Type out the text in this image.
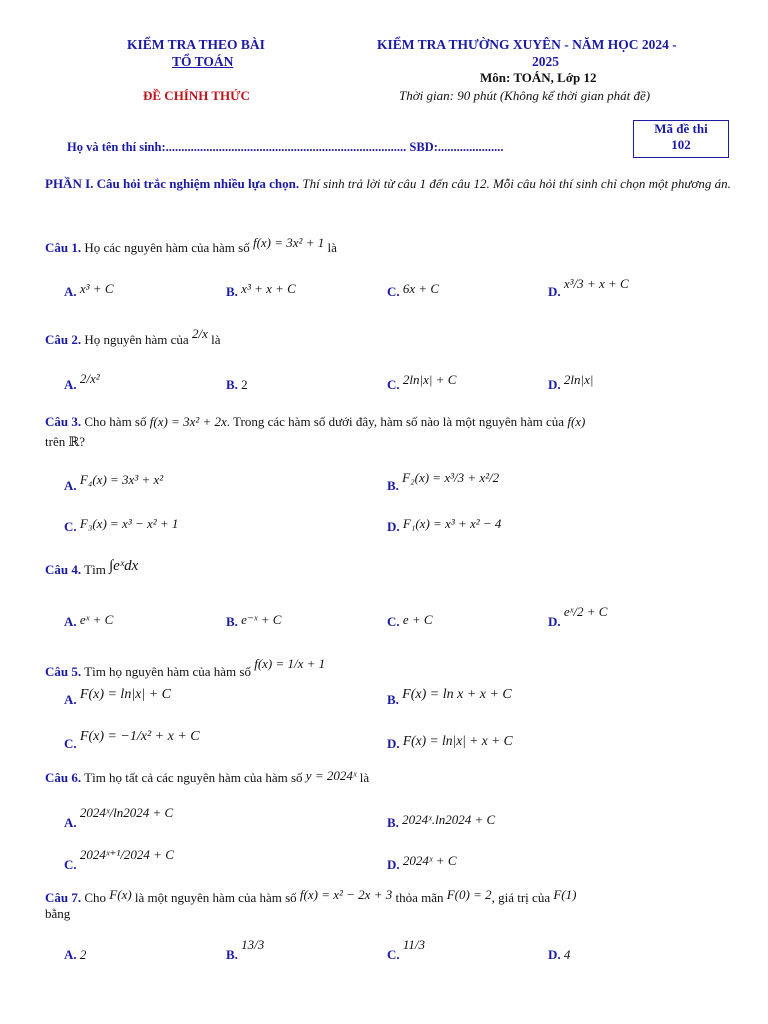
KIỂM TRA THEO BÀI
TỔ TOÁN
ĐỀ CHÍNH THỨC
KIỂM TRA THƯỜNG XUYÊN - NĂM HỌC 2024 -
2025
Môn: TOÁN, Lớp 12
Thời gian: 90 phút (Không kể thời gian phát đề)
Họ và tên thí sinh:............................................................................. SBD:.....................
Mã đề thi
102
PHẦN I. Câu hỏi trắc nghiệm nhiều lựa chọn. Thí sinh trả lời từ câu 1 đến câu 12. Mỗi câu hỏi thí sinh chỉ chọn một phương án.
Câu 1. Họ các nguyên hàm của hàm số f(x) = 3x² + 1 là
A. x³ + C	B. x³ + x + C	C. 6x + C	D. x³/3 + x + C
Câu 2. Họ nguyên hàm của 2/x là
A. 2/x²	B. 2	C. 2ln|x| + C	D. 2ln|x|
Câu 3. Cho hàm số f(x) = 3x² + 2x. Trong các hàm số dưới đây, hàm số nào là một nguyên hàm của f(x)
trên ℝ?
A. F₄(x) = 3x³ + x²	B. F₂(x) = x³/3 + x²/2
C. F₃(x) = x³ − x² + 1	D. F₁(x) = x³ + x² − 4
Câu 4. Tìm ∫eˣdx
A. eˣ + C	B. e⁻ˣ + C	C. e + C	D. eˣ/2 + C
Câu 5. Tìm họ nguyên hàm của hàm số f(x) = 1/x + 1
A. F(x) = ln|x| + C	B. F(x) = ln x + x + C
C. F(x) = −1/x² + x + C	D. F(x) = ln|x| + x + C
Câu 6. Tìm họ tất cả các nguyên hàm của hàm số y = 2024ˣ là
A. 2024ˣ/ln2024 + C
B. 2024ˣ.ln2024 + C
C. 2024ˣ⁺¹/2024 + C
D. 2024ˣ + C
Câu 7. Cho F(x) là một nguyên hàm của hàm số f(x) = x² − 2x + 3 thỏa mãn F(0) = 2, giá trị của F(1)
bằng
A. 2	B. 13/3
C. 11/3
D. 4
